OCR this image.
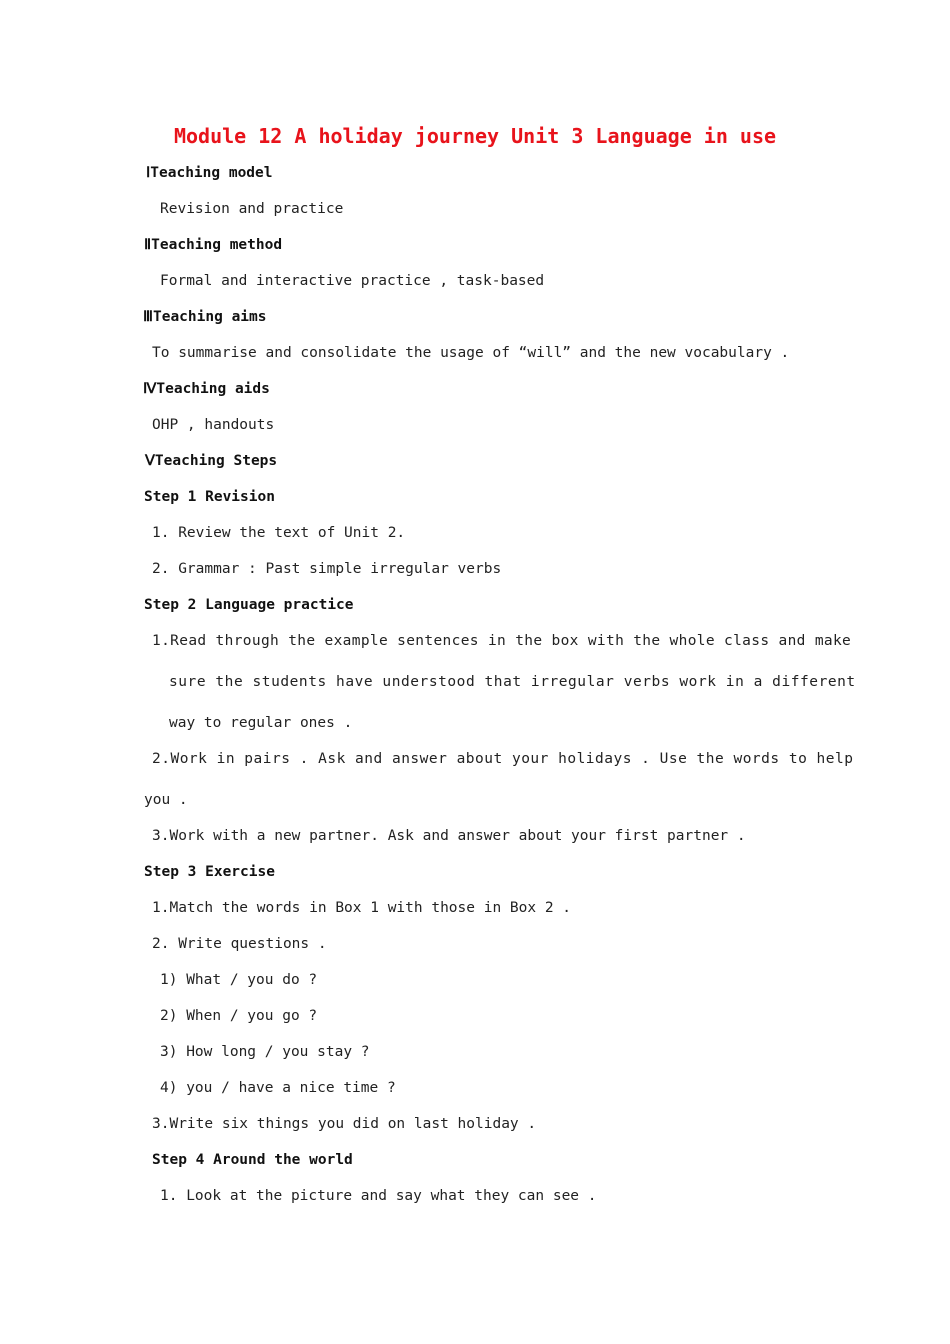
Module 12 A holiday journey Unit 3 Language in use
ⅠTeaching model
Revision and practice
ⅡTeaching method
Formal and interactive practice , task-based
ⅢTeaching aims
To summarise and consolidate the usage of “will” and the new vocabulary .
ⅣTeaching aids
OHP , handouts
ⅤTeaching Steps
Step 1 Revision
1. Review the text of Unit 2.
2. Grammar : Past simple irregular verbs
Step 2 Language practice
1.Read through the example sentences in the box with the whole class and make
sure the students have understood that irregular verbs work in a different
way to regular ones .
2.Work in pairs . Ask and answer about your holidays . Use the words to help
you .
3.Work with a new partner. Ask and answer about your first partner .
Step 3 Exercise
1.Match the words in Box 1 with those in Box 2 .
2. Write questions .
1) What / you do ?
2) When / you go ?
3) How long / you stay ?
4) you / have a nice time ?
3.Write six things you did on last holiday .
Step 4 Around the world
1. Look at the picture and say what they can see .
